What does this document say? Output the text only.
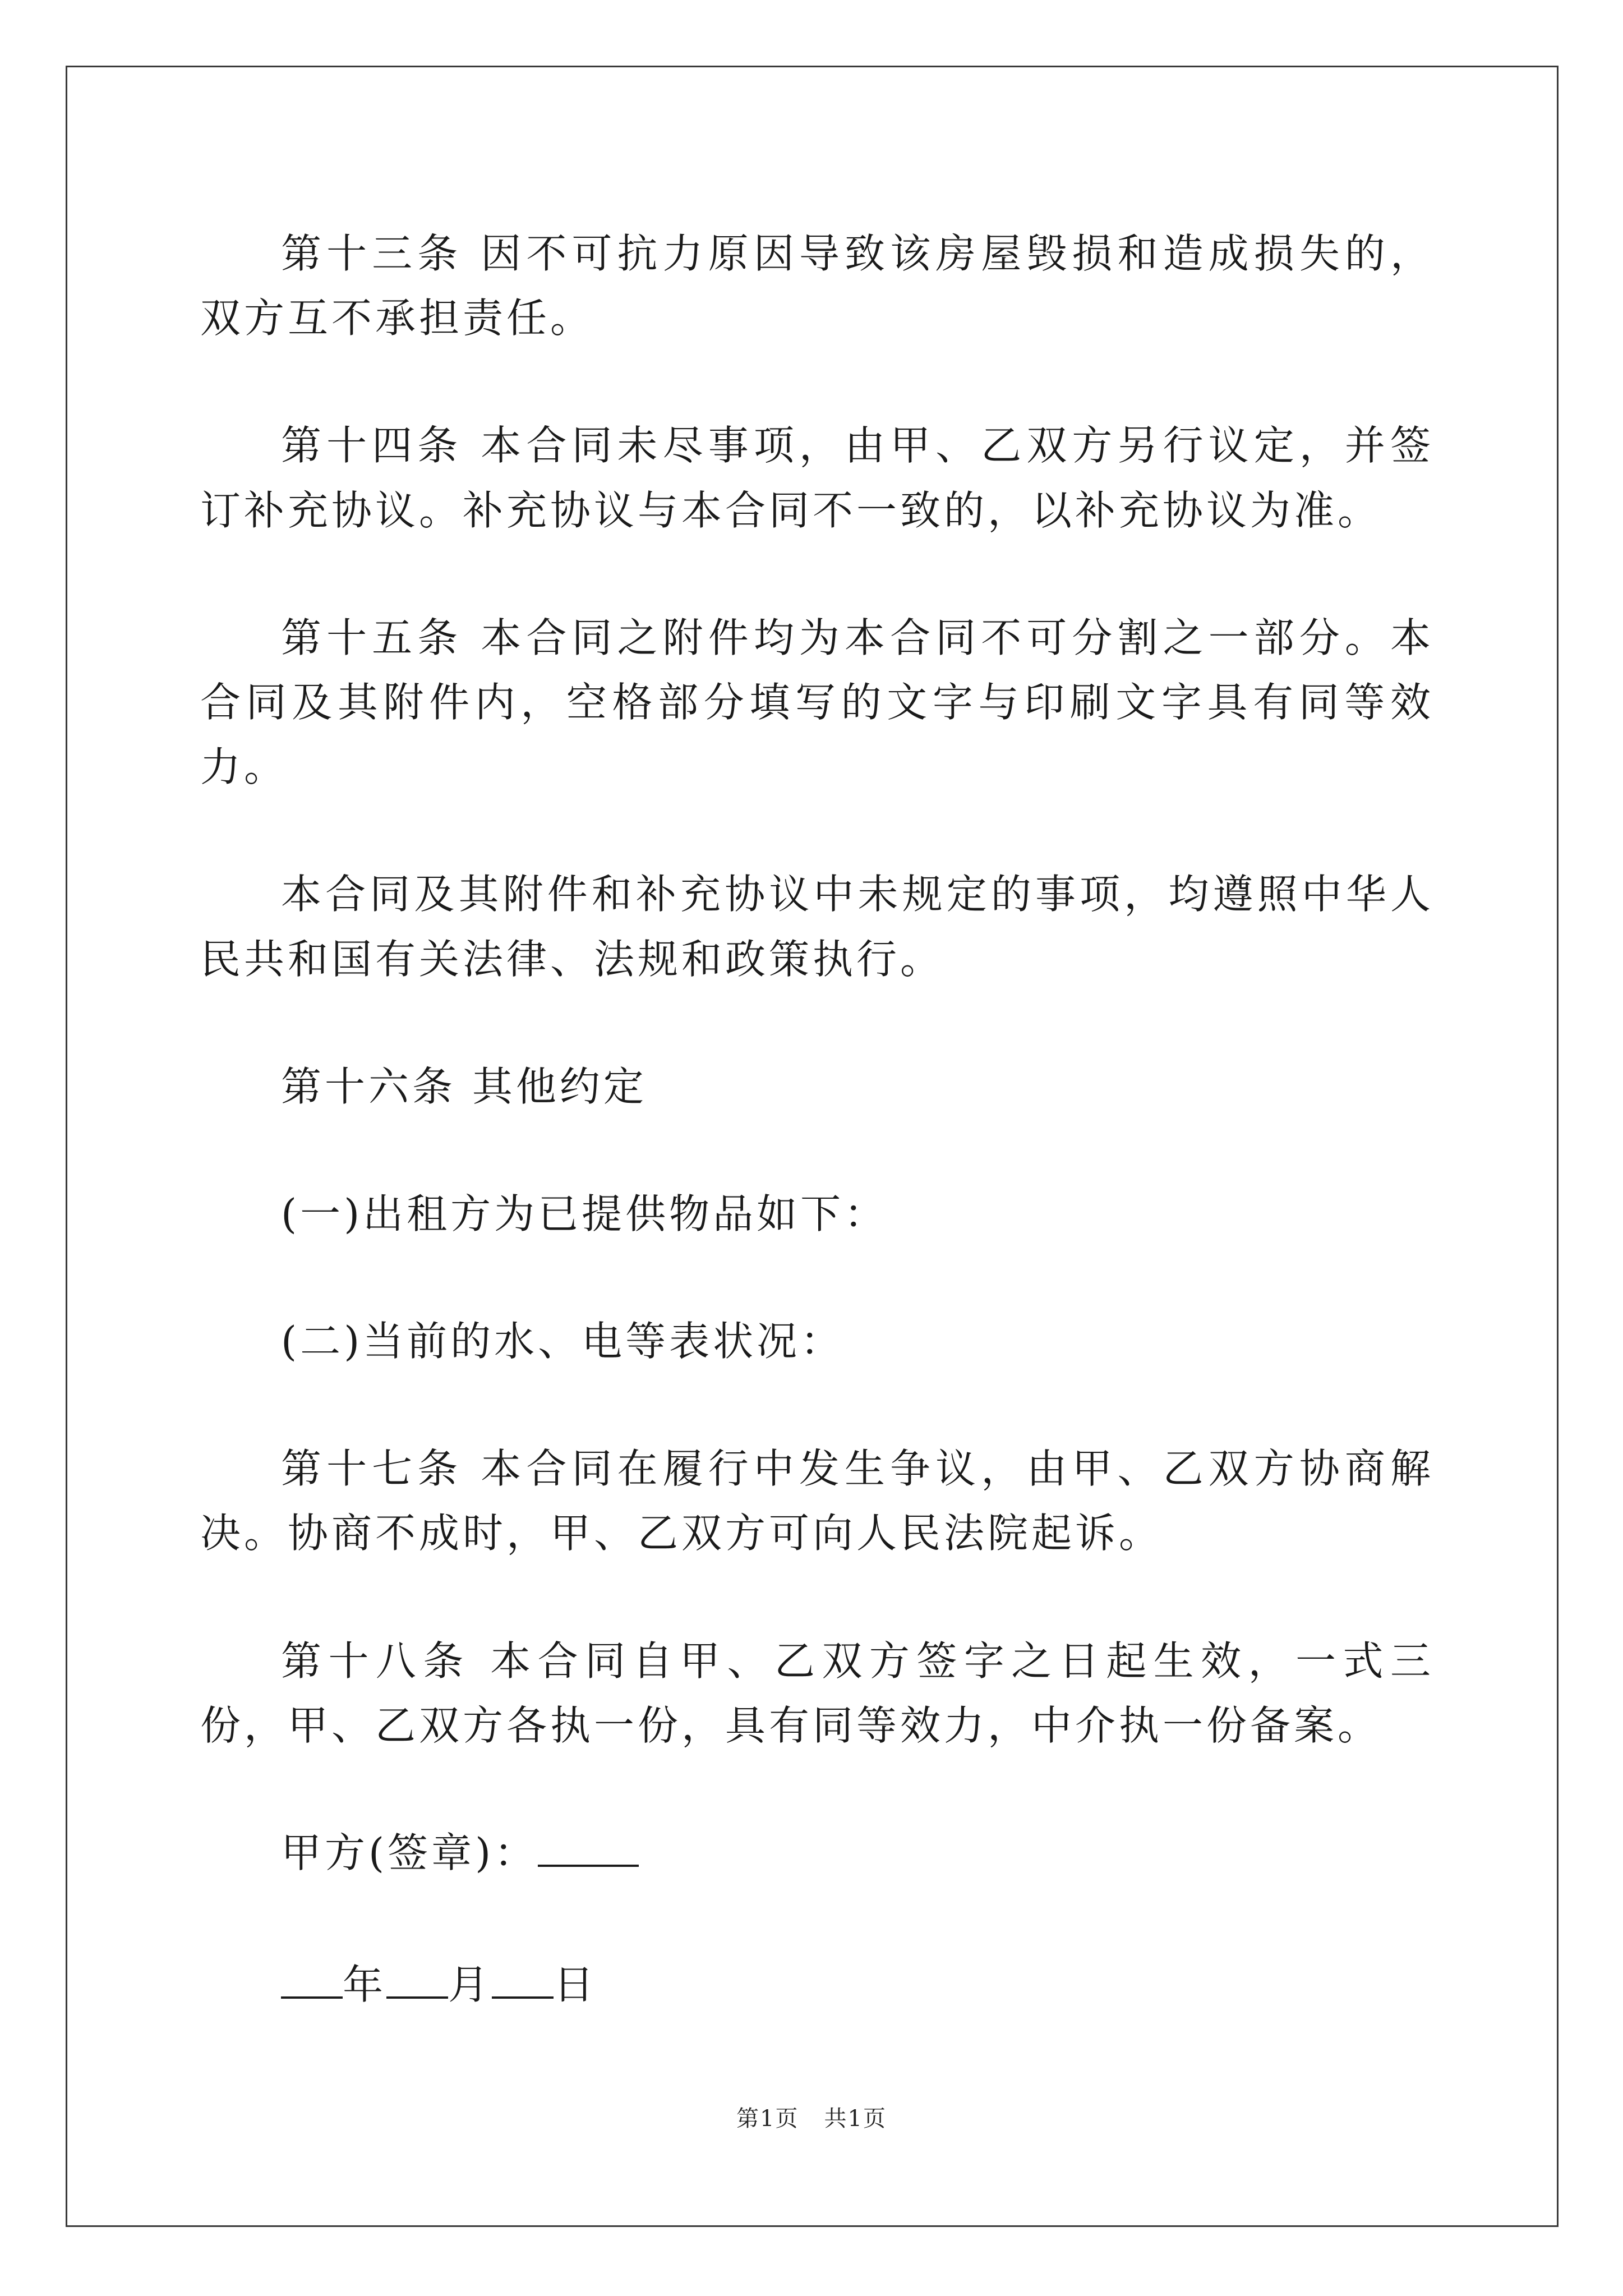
第十三条 因不可抗力原因导致该房屋毁损和造成损失的，双方互不承担责任。

第十四条 本合同未尽事项，由甲、乙双方另行议定，并签订补充协议。补充协议与本合同不一致的，以补充协议为准。

第十五条 本合同之附件均为本合同不可分割之一部分。本合同及其附件内，空格部分填写的文字与印刷文字具有同等效力。

本合同及其附件和补充协议中未规定的事项，均遵照中华人民共和国有关法律、法规和政策执行。

第十六条 其他约定

(一)出租方为已提供物品如下：

(二)当前的水、电等表状况：

第十七条 本合同在履行中发生争议，由甲、乙双方协商解决。协商不成时，甲、乙双方可向人民法院起诉。

第十八条 本合同自甲、乙双方签字之日起生效，一式三份，甲、乙双方各执一份，具有同等效力，中介执一份备案。

甲方(签章)：

年 月 日

第1页 共1页
